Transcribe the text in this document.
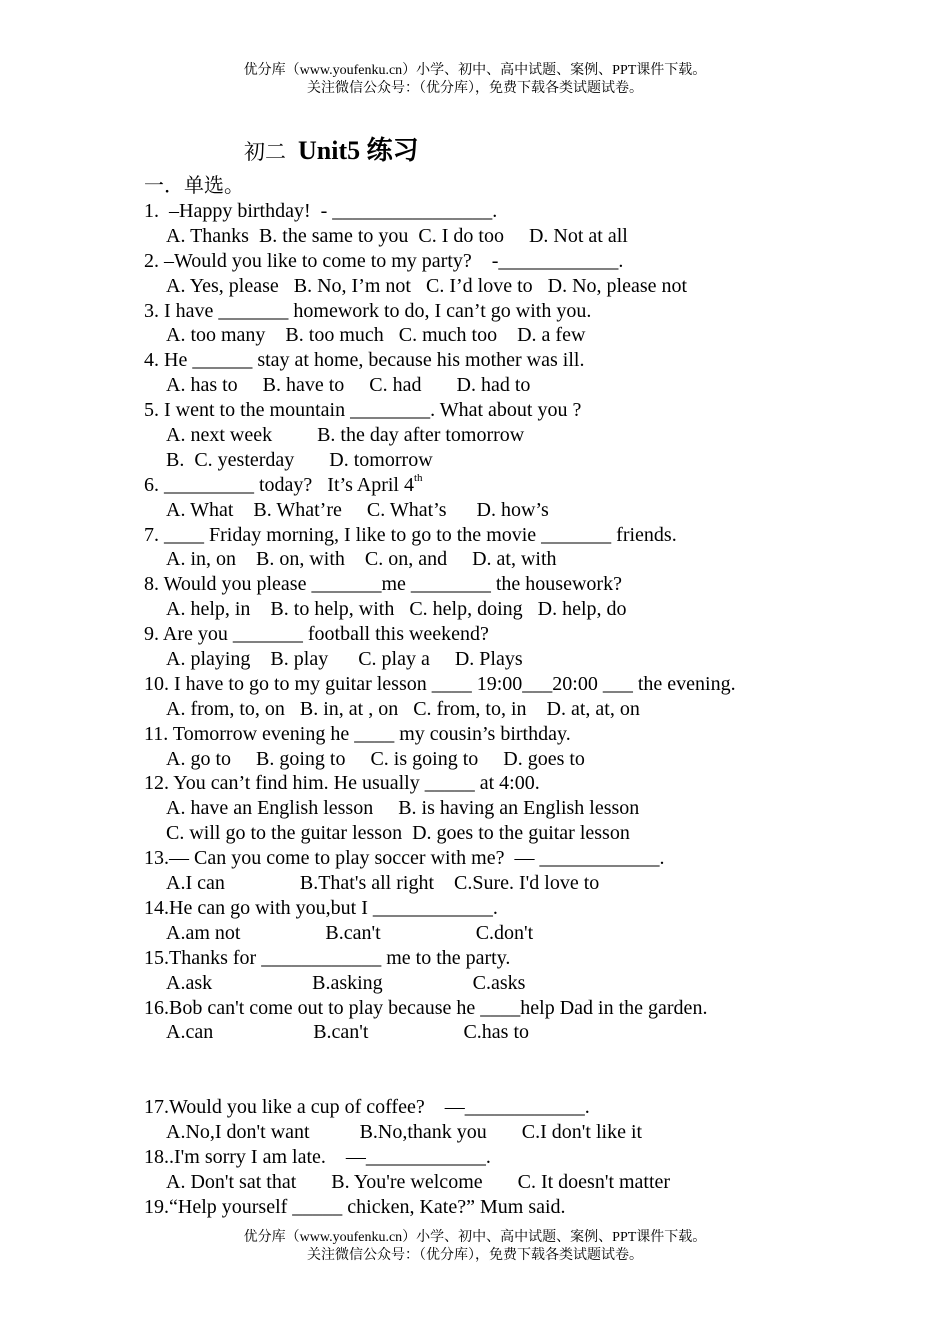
优分库（www.youfenku.cn）小学、初中、高中试题、案例、PPT课件下载。
关注微信公众号：（优分库），免费下载各类试题试卷。
初二 Unit5 练习
一．单选。
1.  –Happy birthday!  - ________________.
A. Thanks  B. the same to you  C. I do too     D. Not at all
2. –Would you like to come to my party?    -____________.
A. Yes, please   B. No, I’m not   C. I’d love to   D. No, please not
3. I have _______ homework to do, I can’t go with you.
A. too many    B. too much   C. much too    D. a few
4. He ______ stay at home, because his mother was ill.
A. has to     B. have to     C. had       D. had to
5. I went to the mountain ________. What about you ?
A. next week         B. the day after tomorrow
B.  C. yesterday       D. tomorrow
6. _________ today?   It’s April 4th
A. What    B. What’re     C. What’s      D. how’s
7. ____ Friday morning, I like to go to the movie _______ friends.
A. in, on    B. on, with    C. on, and     D. at, with
8. Would you please _______me ________ the housework?
A. help, in    B. to help, with   C. help, doing   D. help, do
9. Are you _______ football this weekend?
A. playing    B. play      C. play a     D. Plays
10. I have to go to my guitar lesson ____ 19:00___20:00 ___ the evening.
A. from, to, on   B. in, at , on   C. from, to, in    D. at, at, on
11. Tomorrow evening he ____ my cousin’s birthday.
A. go to     B. going to     C. is going to     D. goes to
12. You can’t find him. He usually _____ at 4:00.
A. have an English lesson     B. is having an English lesson
C. will go to the guitar lesson  D. goes to the guitar lesson
13.— Can you come to play soccer with me?  — ____________.
A.I can               B.That's all right    C.Sure. I'd love to
14.He can go with you,but I ____________.
A.am not                 B.can't                   C.don't
15.Thanks for ____________ me to the party.
A.ask                    B.asking                  C.asks
16.Bob can't come out to play because he ____help Dad in the garden.
A.can                    B.can't                   C.has to
17.Would you like a cup of coffee?    —____________.
A.No,I don't want          B.No,thank you       C.I don't like it
18..I'm sorry I am late.    —____________.
A. Don't sat that       B. You're welcome       C. It doesn't matter
19.“Help yourself _____ chicken, Kate?” Mum said.
优分库（www.youfenku.cn）小学、初中、高中试题、案例、PPT课件下载。
关注微信公众号：（优分库），免费下载各类试题试卷。
